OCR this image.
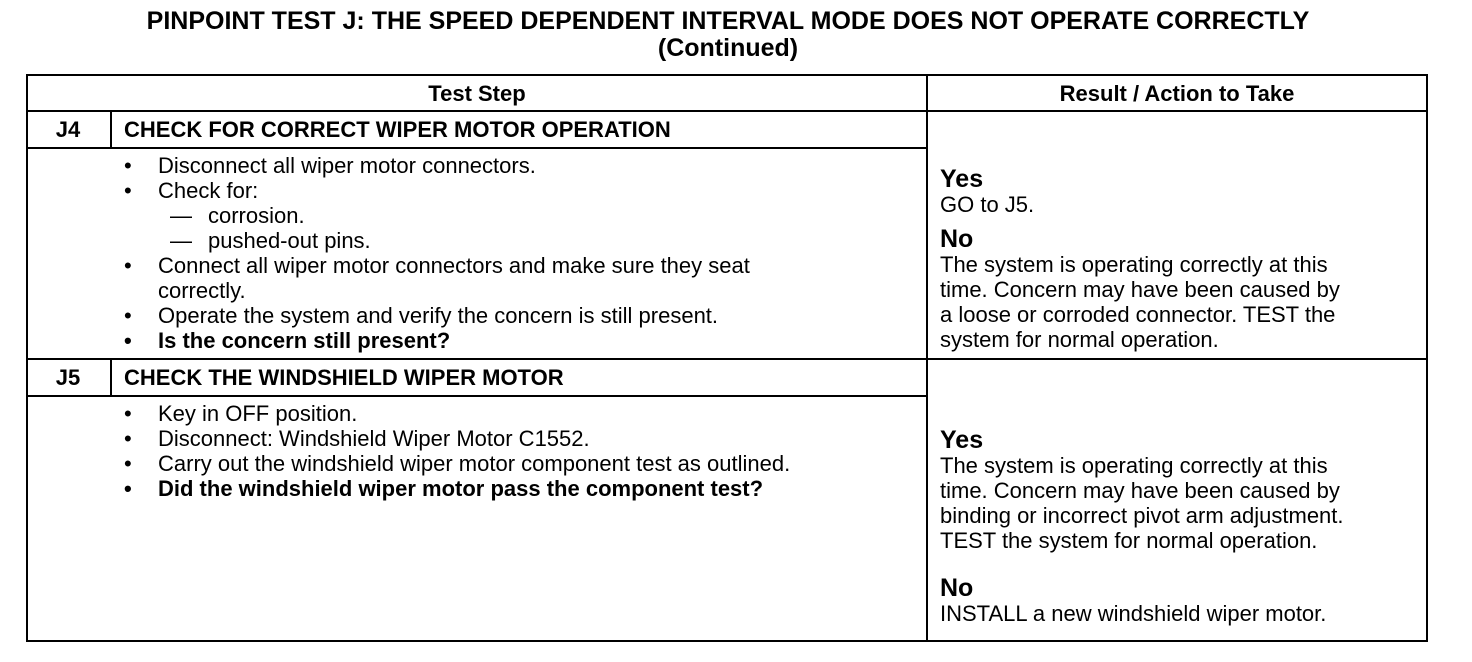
PINPOINT TEST J: THE SPEED DEPENDENT INTERVAL MODE DOES NOT OPERATE CORRECTLY
(Continued)
Test Step	Result / Action to Take
J4	CHECK FOR CORRECT WIPER MOTOR OPERATION
• Disconnect all wiper motor connectors.
• Check for:
— corrosion.
— pushed-out pins.
• Connect all wiper motor connectors and make sure they seat
correctly.
• Operate the system and verify the concern is still present.
• Is the concern still present?
Yes
GO to J5.
No
The system is operating correctly at this
time. Concern may have been caused by
a loose or corroded connector. TEST the
system for normal operation.
J5	CHECK THE WINDSHIELD WIPER MOTOR
• Key in OFF position.
• Disconnect: Windshield Wiper Motor C1552.
• Carry out the windshield wiper motor component test as outlined.
• Did the windshield wiper motor pass the component test?
Yes
The system is operating correctly at this
time. Concern may have been caused by
binding or incorrect pivot arm adjustment.
TEST the system for normal operation.
No
INSTALL a new windshield wiper motor.
